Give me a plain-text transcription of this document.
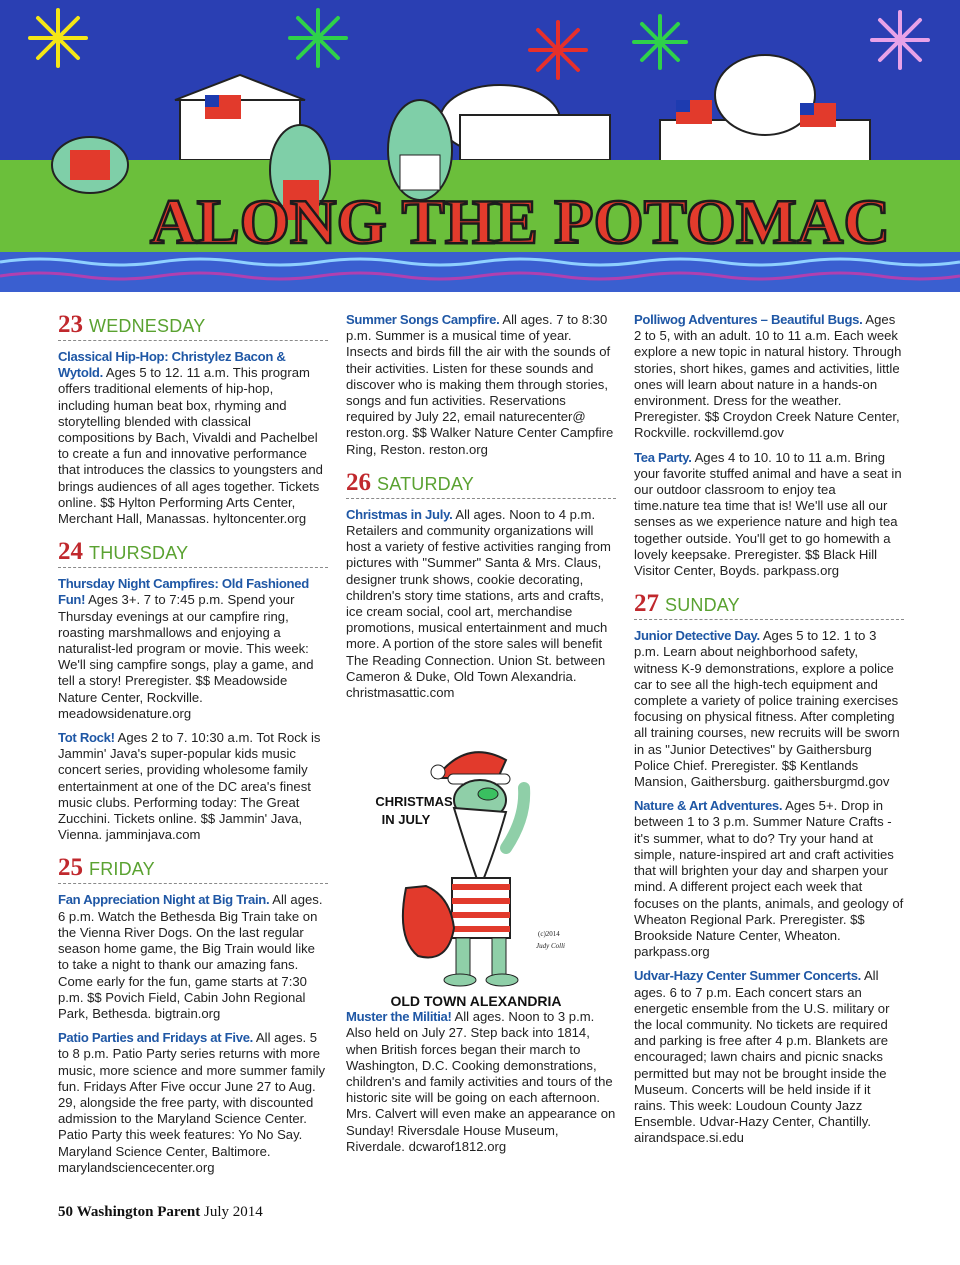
ALONG THE POTOMAC
23 WEDNESDAY

Classical Hip-Hop: Christylez Bacon & Wytold. Ages 5 to 12. 11 a.m. This program offers traditional elements of hip-hop, including human beat box, rhyming and storytelling blended with classical compositions by Bach, Vivaldi and Pachelbel to create a fun and innovative performance that introduces the classics to youngsters and brings audiences of all ages together. Tickets online. $$ Hylton Performing Arts Center, Merchant Hall, Manassas. hyltoncenter.org

24 THURSDAY

Thursday Night Campfires: Old Fashioned Fun! Ages 3+. 7 to 7:45 p.m. Spend your Thursday evenings at our campfire ring, roasting marshmallows and enjoying a naturalist-led program or movie. This week: We'll sing campfire songs, play a game, and tell a story! Preregister. $$ Meadowside Nature Center, Rockville. meadowsidenature.org

Tot Rock! Ages 2 to 7. 10:30 a.m. Tot Rock is Jammin' Java's super-popular kids music concert series, providing wholesome family entertainment at one of the DC area's finest music clubs. Performing today: The Great Zucchini. Tickets online. $$ Jammin' Java, Vienna. jamminjava.com

25 FRIDAY

Fan Appreciation Night at Big Train. All ages. 6 p.m. Watch the Bethesda Big Train take on the Vienna River Dogs. On the last regular season home game, the Big Train would like to take a night to thank our amazing fans. Come early for the fun, game starts at 7:30 p.m. $$ Povich Field, Cabin John Regional Park, Bethesda. bigtrain.org

Patio Parties and Fridays at Five. All ages. 5 to 8 p.m. Patio Party series returns with more music, more science and more summer family fun. Fridays After Five occur June 27 to Aug. 29, alongside the free party, with discounted admission to the Maryland Science Center. Patio Party this week features: Yo No Say. Maryland Science Center, Baltimore. marylandsciencecenter.org

Summer Songs Campfire. All ages. 7 to 8:30 p.m. Summer is a musical time of year. Insects and birds fill the air with the sounds of their activities. Listen for these sounds and discover who is making them through stories, songs and fun activities. Reservations required by July 22, email naturecenter@ reston.org. $$ Walker Nature Center Campfire Ring, Reston. reston.org

26 SATURDAY

Christmas in July. All ages. Noon to 4 p.m. Retailers and community organizations will host a variety of festive activities ranging from pictures with "Summer" Santa & Mrs. Claus, designer trunk shows, cookie decorating, children's story time stations, arts and crafts, ice cream social, cool art, merchandise promotions, musical entertainment and much more. A portion of the store sales will benefit The Reading Connection. Union St. between Cameron & Duke, Old Town Alexandria. christmasattic.com

Muster the Militia! All ages. Noon to 3 p.m. Also held on July 27. Step back into 1814, when British forces began their march to Washington, D.C. Cooking demonstrations, children's and family activities and tours of the historic site will be going on each afternoon. Mrs. Calvert will even make an appearance on Sunday! Riversdale House Museum, Riverdale. dcwarof1812.org

CHRISTMAS
IN JULY
(c)2014
Judy Colli
OLD TOWN ALEXANDRIA

Polliwog Adventures – Beautiful Bugs. Ages 2 to 5, with an adult. 10 to 11 a.m. Each week explore a new topic in natural history. Through stories, short hikes, games and activities, little ones will learn about nature in a hands-on environment. Dress for the weather. Preregister. $$ Croydon Creek Nature Center, Rockville. rockvillemd.gov

Tea Party. Ages 4 to 10. 10 to 11 a.m. Bring your favorite stuffed animal and have a seat in our outdoor classroom to enjoy tea time.nature tea time that is! We'll use all our senses as we experience nature and high tea together outside. You'll get to go homewith a lovely keepsake. Preregister. $$ Black Hill Visitor Center, Boyds. parkpass.org

27 SUNDAY

Junior Detective Day. Ages 5 to 12. 1 to 3 p.m. Learn about neighborhood safety, witness K-9 demonstrations, explore a police car to see all the high-tech equipment and complete a variety of police training exercises focusing on physical fitness. After completing all training courses, new recruits will be sworn in as "Junior Detectives" by Gaithersburg Police Chief. Preregister. $$ Kentlands Mansion, Gaithersburg. gaithersburgmd.gov

Nature & Art Adventures. Ages 5+. Drop in between 1 to 3 p.m. Summer Nature Crafts - it's summer, what to do? Try your hand at simple, nature-inspired art and craft activities that will brighten your day and sharpen your mind. A different project each week that focuses on the plants, animals, and geology of Wheaton Regional Park. Preregister. $$ Brookside Nature Center, Wheaton. parkpass.org

Udvar-Hazy Center Summer Concerts. All ages. 6 to 7 p.m. Each concert stars an energetic ensemble from the U.S. military or the local community. No tickets are required and parking is free after 4 p.m. Blankets are encouraged; lawn chairs and picnic snacks permitted but may not be brought inside the Museum. Concerts will be held inside if it rains. This week: Loudoun County Jazz Ensemble. Udvar-Hazy Center, Chantilly. airandspace.si.edu

50 Washington Parent July 2014
